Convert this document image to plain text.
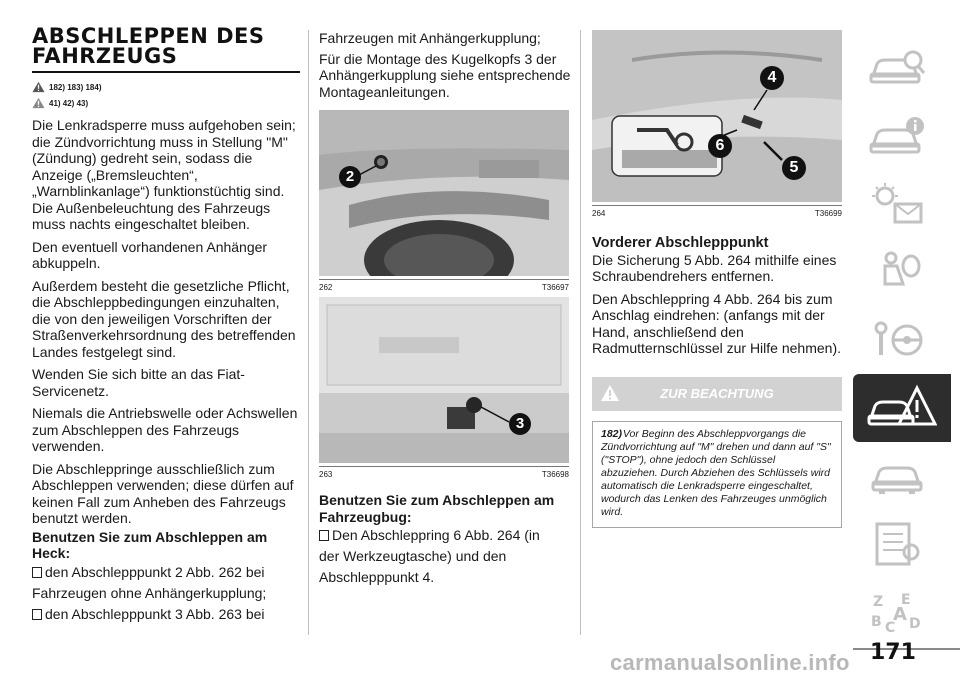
ABSCHLEPPEN DES
FAHRZEUGS
182) 183) 184)
41) 42) 43)

Die Lenkradsperre muss aufgehoben sein; die Zündvorrichtung muss in Stellung "M" (Zündung) gedreht sein, sodass die Anzeige („Bremsleuchten“, „Warnblinkanlage“) funktionstüchtig sind. Die Außenbeleuchtung des Fahrzeugs muss nachts eingeschaltet bleiben.

Den eventuell vorhandenen Anhänger abkuppeln.

Außerdem besteht die gesetzliche Pflicht, die Abschleppbedingungen einzuhalten, die von den jeweiligen Vorschriften der Straßenverkehrsordnung des betreffenden Landes festgelegt sind.

Wenden Sie sich bitte an das Fiat-Servicenetz.

Niemals die Antriebswelle oder Achswellen zum Abschleppen des Fahrzeugs verwenden.

Die Abschleppringe ausschließlich zum Abschleppen verwenden; diese dürfen auf keinen Fall zum Anheben des Fahrzeugs benutzt werden.

Benutzen Sie zum Abschleppen am Heck:
den Abschlepppunkt 2 Abb. 262 bei
Fahrzeugen ohne Anhängerkupplung;
den Abschlepppunkt 3 Abb. 263 bei

Fahrzeugen mit Anhängerkupplung;

Für die Montage des Kugelkopfs 3 der Anhängerkupplung siehe entsprechende Montageanleitungen.

2
262	T36697
3
263	T36698
Benutzen Sie zum Abschleppen am Fahrzeugbug:
Den Abschleppring 6 Abb. 264 (in
der Werkzeugtasche) und den
Abschlepppunkt 4.
4
6
5
264	T36699
Vorderer Abschlepppunkt

Die Sicherung 5 Abb. 264 mithilfe eines Schraubendrehers entfernen.

Den Abschleppring 4 Abb. 264 bis zum Anschlag eindrehen: (anfangs mit der Hand, anschließend den Radmutternschlüssel zur Hilfe nehmen).

ZUR BEACHTUNG

182) Vor Beginn des Abschleppvorgangs die Zündvorrichtung auf "M" drehen und dann auf "S" ("STOP"), ohne jedoch den Schlüssel abzuziehen. Durch Abziehen des Schlüssels wird automatisch die Lenkradsperre eingeschaltet, wodurch das Lenken des Fahrzeuges unmöglich wird.

Z E
B C D
A
171
carmanualsonline.info
